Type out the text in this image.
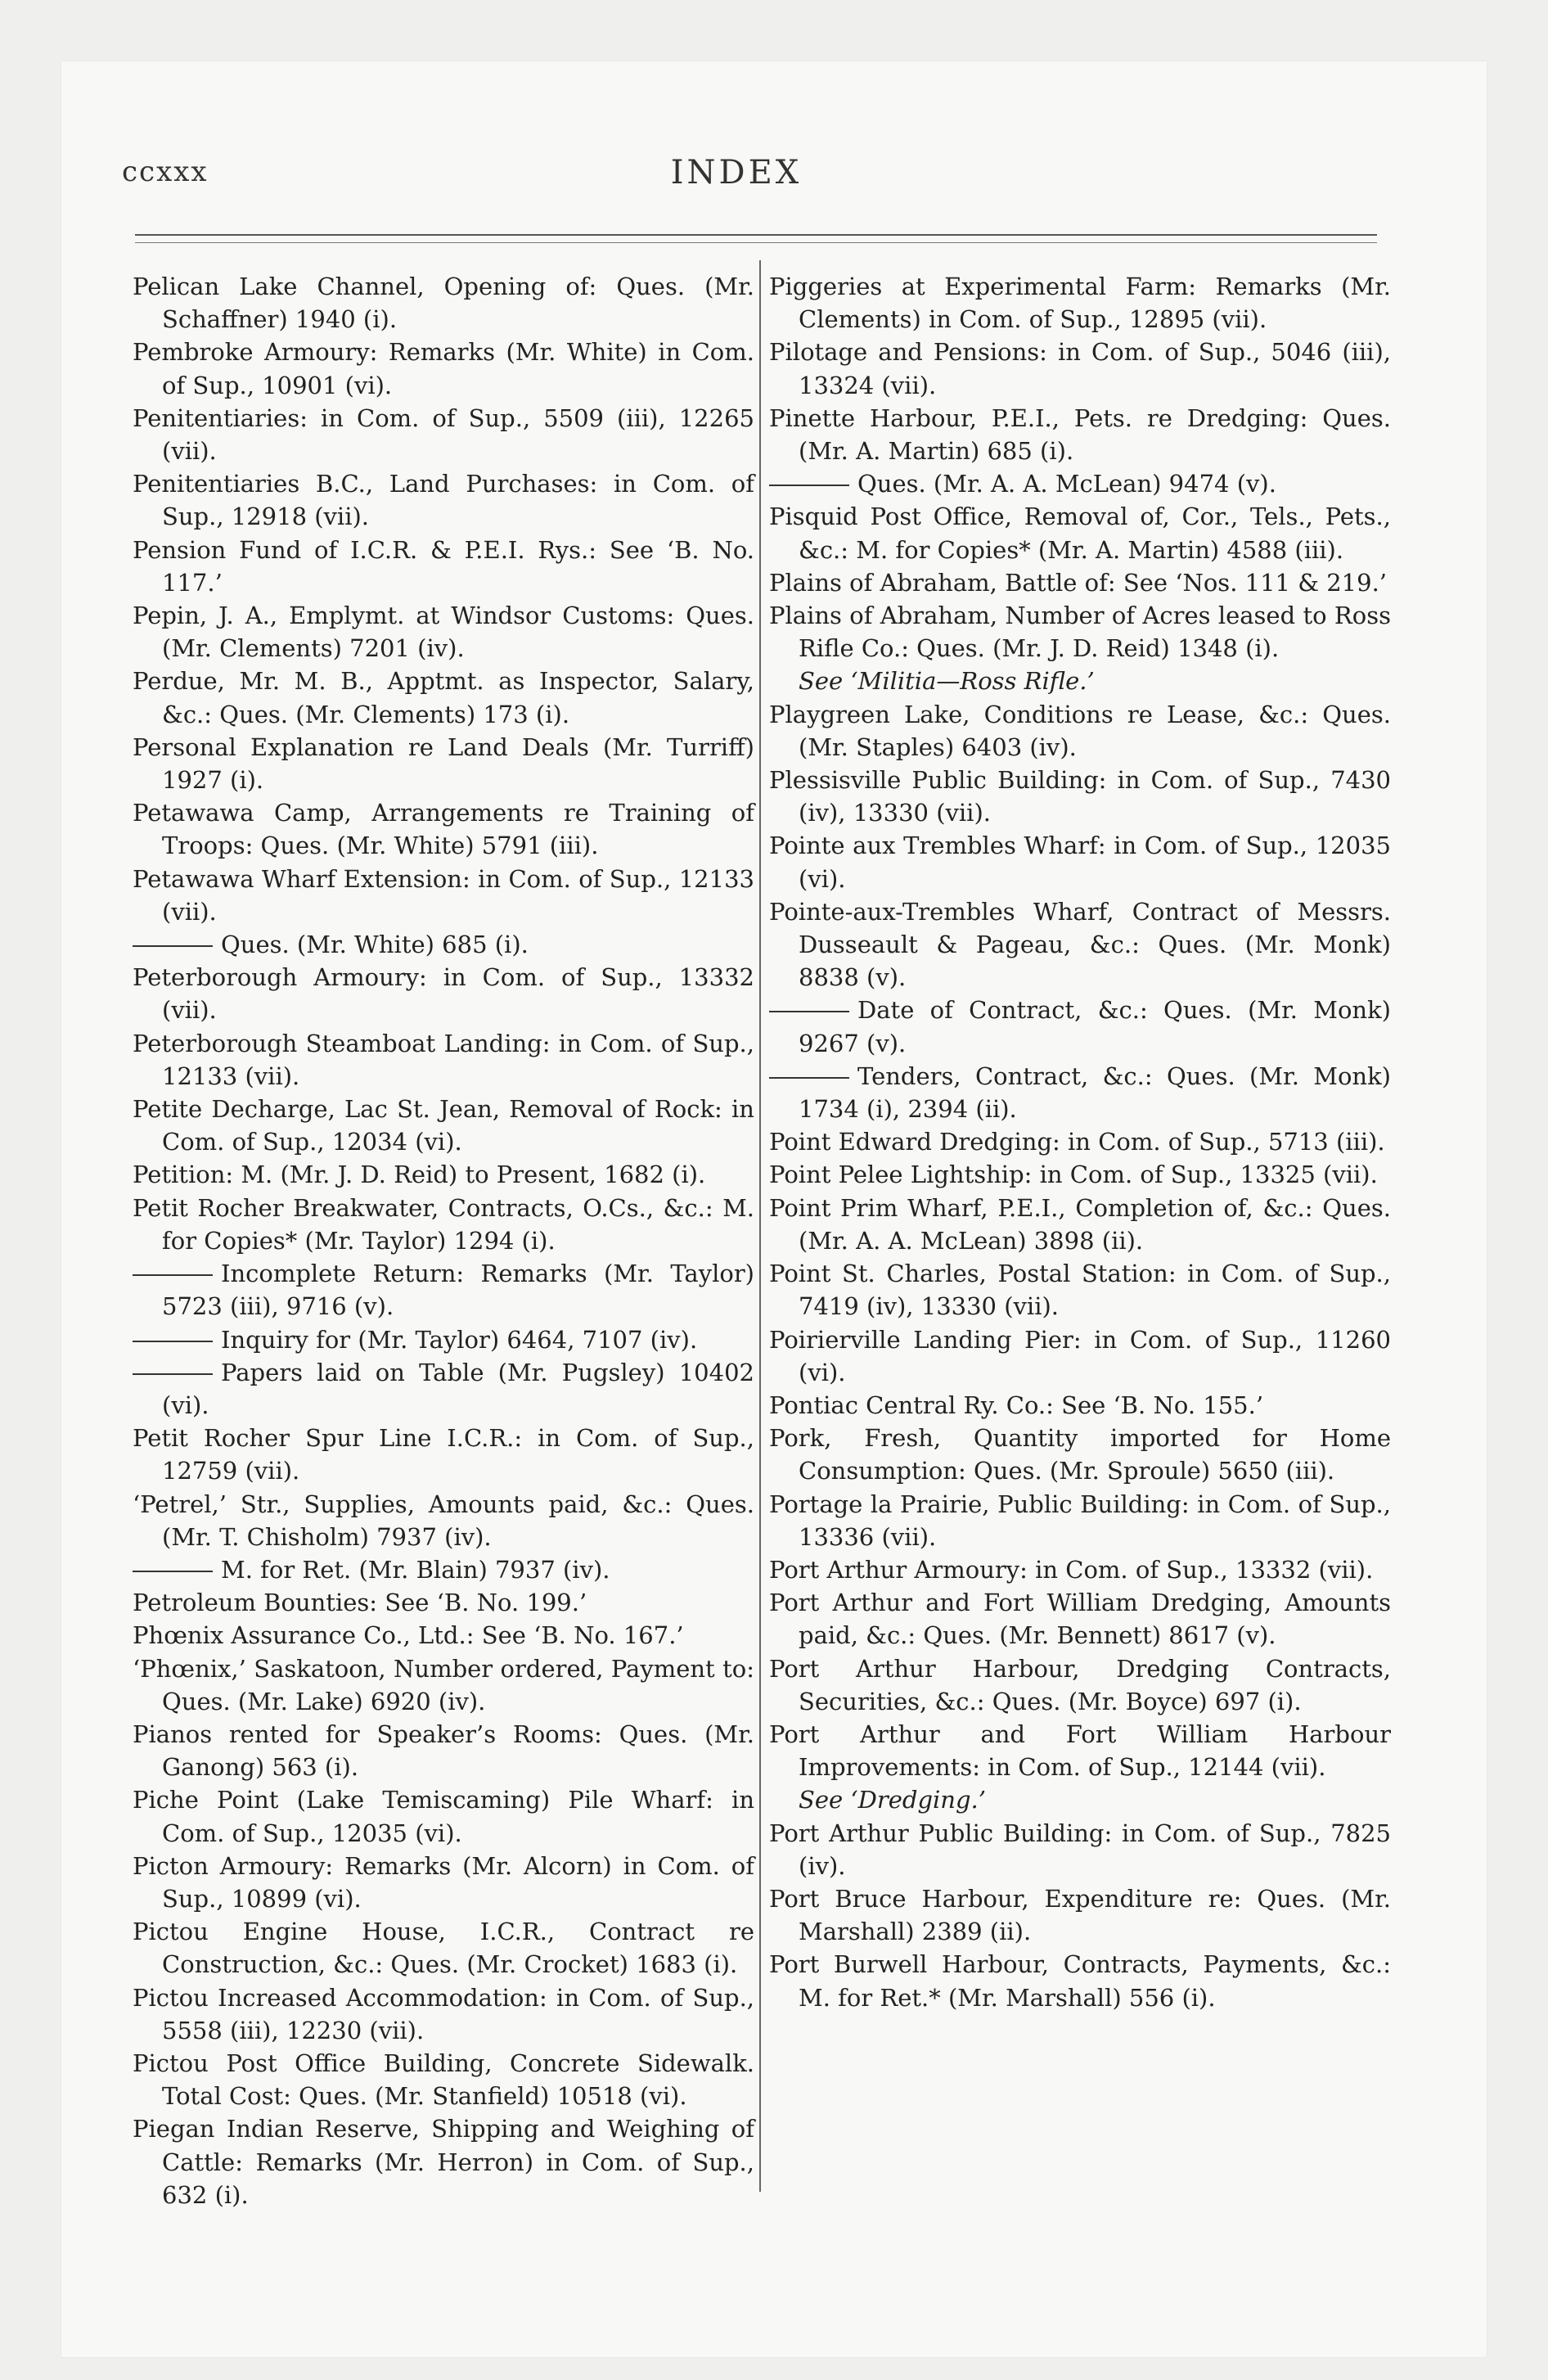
ccxxx	INDEX

Pelican Lake Channel, Opening of: Ques. (Mr. Schaffner) 1940 (i).

Pembroke Armoury: Remarks (Mr. White) in Com. of Sup., 10901 (vi).

Penitentiaries: in Com. of Sup., 5509 (iii), 12265 (vii).

Penitentiaries B.C., Land Purchases: in Com. of Sup., 12918 (vii).

Pension Fund of I.C.R. & P.E.I. Rys.: See ‘B. No. 117.’

Pepin, J. A., Emplymt. at Windsor Customs: Ques. (Mr. Clements) 7201 (iv).

Perdue, Mr. M. B., Apptmt. as Inspector, Salary, &c.: Ques. (Mr. Clements) 173 (i).

Personal Explanation re Land Deals (Mr. Turriff) 1927 (i).

Petawawa Camp, Arrangements re Training of Troops: Ques. (Mr. White) 5791 (iii).

Petawawa Wharf Extension: in Com. of Sup., 12133 (vii).

Ques. (Mr. White) 685 (i).

Peterborough Armoury: in Com. of Sup., 13332 (vii).

Peterborough Steamboat Landing: in Com. of Sup., 12133 (vii).

Petite Decharge, Lac St. Jean, Removal of Rock: in Com. of Sup., 12034 (vi).

Petition: M. (Mr. J. D. Reid) to Present, 1682 (i).

Petit Rocher Breakwater, Contracts, O.Cs., &c.: M. for Copies* (Mr. Taylor) 1294 (i).

Incomplete Return: Remarks (Mr. Taylor) 5723 (iii), 9716 (v).

Inquiry for (Mr. Taylor) 6464, 7107 (iv).

Papers laid on Table (Mr. Pugsley) 10402 (vi).

Petit Rocher Spur Line I.C.R.: in Com. of Sup., 12759 (vii).

‘Petrel,’ Str., Supplies, Amounts paid, &c.: Ques. (Mr. T. Chisholm) 7937 (iv).

M. for Ret. (Mr. Blain) 7937 (iv).

Petroleum Bounties: See ‘B. No. 199.’

Phœnix Assurance Co., Ltd.: See ‘B. No. 167.’

‘Phœnix,’ Saskatoon, Number ordered, Payment to: Ques. (Mr. Lake) 6920 (iv).

Pianos rented for Speaker’s Rooms: Ques. (Mr. Ganong) 563 (i).

Piche Point (Lake Temiscaming) Pile Wharf: in Com. of Sup., 12035 (vi).

Picton Armoury: Remarks (Mr. Alcorn) in Com. of Sup., 10899 (vi).

Pictou Engine House, I.C.R., Contract re Construction, &c.: Ques. (Mr. Crocket) 1683 (i).

Pictou Increased Accommodation: in Com. of Sup., 5558 (iii), 12230 (vii).

Pictou Post Office Building, Concrete Sidewalk. Total Cost: Ques. (Mr. Stanfield) 10518 (vi).

Piegan Indian Reserve, Shipping and Weighing of Cattle: Remarks (Mr. Herron) in Com. of Sup., 632 (i).

Piggeries at Experimental Farm: Remarks (Mr. Clements) in Com. of Sup., 12895 (vii).

Pilotage and Pensions: in Com. of Sup., 5046 (iii), 13324 (vii).

Pinette Harbour, P.E.I., Pets. re Dredging: Ques. (Mr. A. Martin) 685 (i).

Ques. (Mr. A. A. McLean) 9474 (v).

Pisquid Post Office, Removal of, Cor., Tels., Pets., &c.: M. for Copies* (Mr. A. Martin) 4588 (iii).

Plains of Abraham, Battle of: See ‘Nos. 111 & 219.’

Plains of Abraham, Number of Acres leased to Ross Rifle Co.: Ques. (Mr. J. D. Reid) 1348 (i).

See ‘Militia—Ross Rifle.’

Playgreen Lake, Conditions re Lease, &c.: Ques. (Mr. Staples) 6403 (iv).

Plessisville Public Building: in Com. of Sup., 7430 (iv), 13330 (vii).

Pointe aux Trembles Wharf: in Com. of Sup., 12035 (vi).

Pointe-aux-Trembles Wharf, Contract of Messrs. Dusseault & Pageau, &c.: Ques. (Mr. Monk) 8838 (v).

Date of Contract, &c.: Ques. (Mr. Monk) 9267 (v).

Tenders, Contract, &c.: Ques. (Mr. Monk) 1734 (i), 2394 (ii).

Point Edward Dredging: in Com. of Sup., 5713 (iii).

Point Pelee Lightship: in Com. of Sup., 13325 (vii).

Point Prim Wharf, P.E.I., Completion of, &c.: Ques. (Mr. A. A. McLean) 3898 (ii).

Point St. Charles, Postal Station: in Com. of Sup., 7419 (iv), 13330 (vii).

Poirierville Landing Pier: in Com. of Sup., 11260 (vi).

Pontiac Central Ry. Co.: See ‘B. No. 155.’

Pork, Fresh, Quantity imported for Home Consumption: Ques. (Mr. Sproule) 5650 (iii).

Portage la Prairie, Public Building: in Com. of Sup., 13336 (vii).

Port Arthur Armoury: in Com. of Sup., 13332 (vii).

Port Arthur and Fort William Dredging, Amounts paid, &c.: Ques. (Mr. Bennett) 8617 (v).

Port Arthur Harbour, Dredging Contracts, Securities, &c.: Ques. (Mr. Boyce) 697 (i).

Port Arthur and Fort William Harbour Improvements: in Com. of Sup., 12144 (vii).

See ‘Dredging.’

Port Arthur Public Building: in Com. of Sup., 7825 (iv).

Port Bruce Harbour, Expenditure re: Ques. (Mr. Marshall) 2389 (ii).

Port Burwell Harbour, Contracts, Payments, &c.: M. for Ret.* (Mr. Marshall) 556 (i).
